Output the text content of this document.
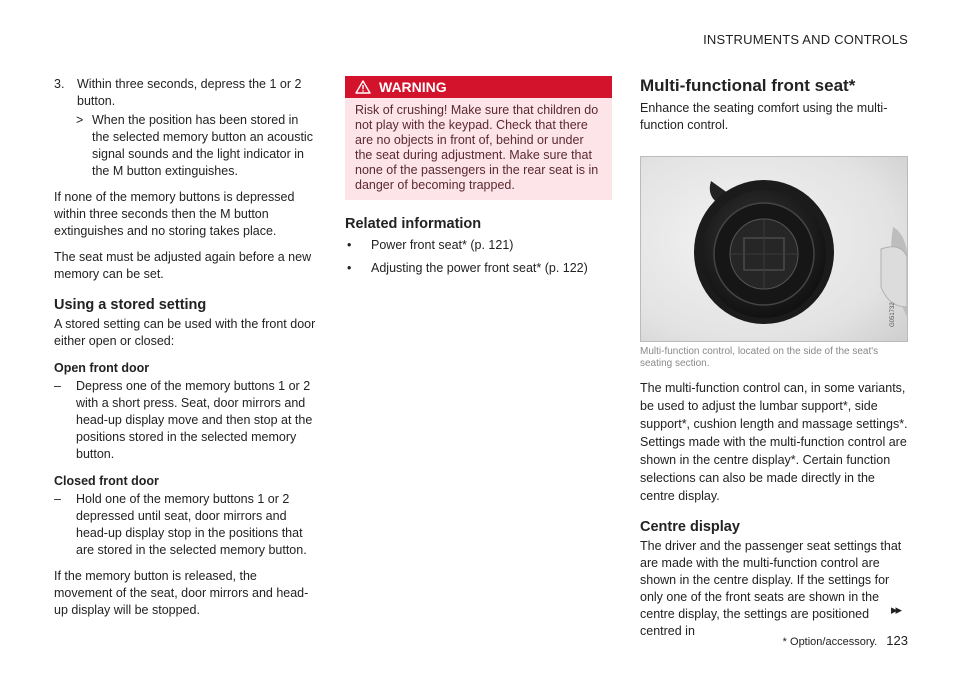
INSTRUMENTS AND CONTROLS
3.	Within three seconds, depress the 1 or 2 button.
> When the position has been stored in the selected memory button an acoustic signal sounds and the light indicator in the M button extinguishes.

If none of the memory buttons is depressed within three seconds then the M button extinguishes and no storing takes place.

The seat must be adjusted again before a new memory can be set.

Using a stored setting

A stored setting can be used with the front door either open or closed:

Open front door
–	Depress one of the memory buttons 1 or 2 with a short press. Seat, door mirrors and head-up display move and then stop at the positions stored in the selected memory button.
Closed front door
–	Hold one of the memory buttons 1 or 2 depressed until seat, door mirrors and head-up display stop in the positions that are stored in the selected memory button.

If the memory button is released, the movement of the seat, door mirrors and head-up display will be stopped.

WARNING
Risk of crushing! Make sure that children do not play with the keypad. Check that there are no objects in front of, behind or under the seat during adjustment. Make sure that none of the passengers in the rear seat is in danger of becoming trapped.
Related information
•	Power front seat* (p. 121)
•	Adjusting the power front seat* (p. 122)
Multi-functional front seat*

Enhance the seating comfort using the multi-function control.

G051732
Multi-function control, located on the side of the seat's seating section.

The multi-function control can, in some variants, be used to adjust the lumbar support*, side support*, cushion length and massage settings*. Settings made with the multi-function control are shown in the centre display*. Certain function selections can also be made directly in the centre display.

Centre display

The driver and the passenger seat settings that are made with the multi-function control are shown in the centre display. If the settings for only one of the front seats are shown in the centre display, the settings are positioned centred in

▸▸
* Option/accessory. 123
